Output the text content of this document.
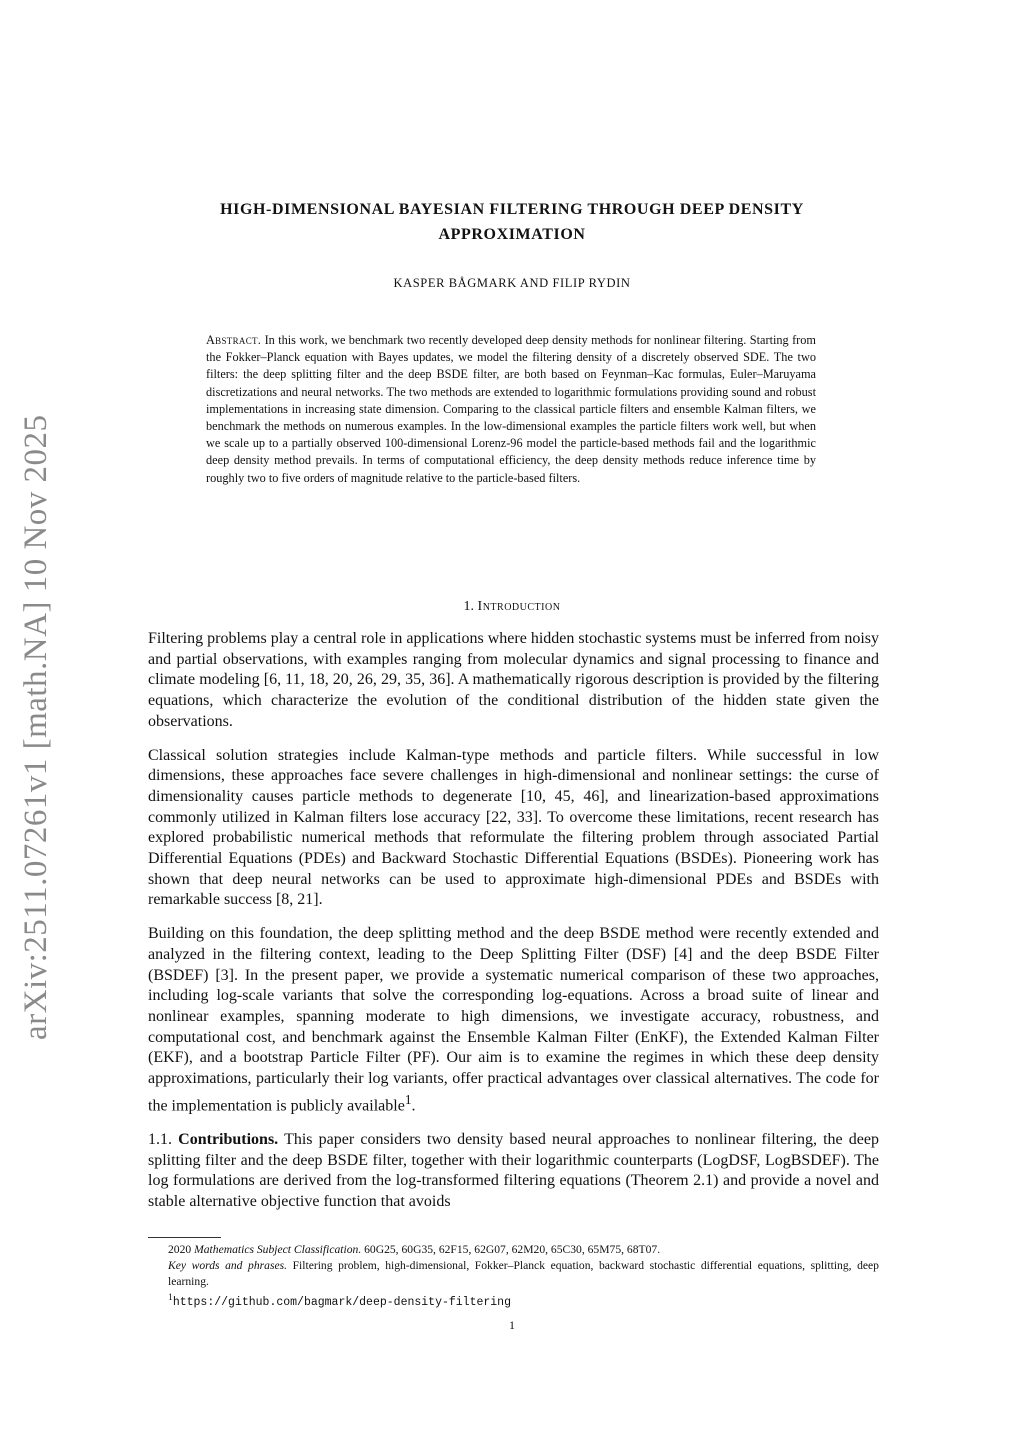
arXiv:2511.07261v1 [math.NA] 10 Nov 2025
HIGH-DIMENSIONAL BAYESIAN FILTERING THROUGH DEEP DENSITY APPROXIMATION
KASPER BÅGMARK AND FILIP RYDIN
Abstract. In this work, we benchmark two recently developed deep density methods for nonlinear filtering. Starting from the Fokker–Planck equation with Bayes updates, we model the filtering density of a discretely observed SDE. The two filters: the deep splitting filter and the deep BSDE filter, are both based on Feynman–Kac formulas, Euler–Maruyama discretizations and neural networks. The two methods are extended to logarithmic formulations providing sound and robust implementations in increasing state dimension. Comparing to the classical particle filters and ensemble Kalman filters, we benchmark the methods on numerous examples. In the low-dimensional examples the particle filters work well, but when we scale up to a partially observed 100-dimensional Lorenz-96 model the particle-based methods fail and the logarithmic deep density method prevails. In terms of computational efficiency, the deep density methods reduce inference time by roughly two to five orders of magnitude relative to the particle-based filters.
1. Introduction

Filtering problems play a central role in applications where hidden stochastic systems must be inferred from noisy and partial observations, with examples ranging from molecular dynamics and signal processing to finance and climate modeling [6, 11, 18, 20, 26, 29, 35, 36]. A mathematically rigorous description is provided by the filtering equations, which characterize the evolution of the conditional distribution of the hidden state given the observations.

Classical solution strategies include Kalman-type methods and particle filters. While successful in low dimensions, these approaches face severe challenges in high-dimensional and nonlinear settings: the curse of dimensionality causes particle methods to degenerate [10, 45, 46], and linearization-based approximations commonly utilized in Kalman filters lose accuracy [22, 33]. To overcome these limitations, recent research has explored probabilistic numerical methods that reformulate the filtering problem through associated Partial Differential Equations (PDEs) and Backward Stochastic Differential Equations (BSDEs). Pioneering work has shown that deep neural networks can be used to approximate high-dimensional PDEs and BSDEs with remarkable success [8, 21].

Building on this foundation, the deep splitting method and the deep BSDE method were recently extended and analyzed in the filtering context, leading to the Deep Splitting Filter (DSF) [4] and the deep BSDE Filter (BSDEF) [3]. In the present paper, we provide a systematic numerical comparison of these two approaches, including log-scale variants that solve the corresponding log-equations. Across a broad suite of linear and nonlinear examples, spanning moderate to high dimensions, we investigate accuracy, robustness, and computational cost, and benchmark against the Ensemble Kalman Filter (EnKF), the Extended Kalman Filter (EKF), and a bootstrap Particle Filter (PF). Our aim is to examine the regimes in which these deep density approximations, particularly their log variants, offer practical advantages over classical alternatives. The code for the implementation is publicly available$^1$.

1.1. Contributions. This paper considers two density based neural approaches to nonlinear filtering, the deep splitting filter and the deep BSDE filter, together with their logarithmic counterparts (LogDSF, LogBSDEF). The log formulations are derived from the log-transformed filtering equations (Theorem 2.1) and provide a novel and stable alternative objective function that avoids

2020 Mathematics Subject Classification. 60G25, 60G35, 62F15, 62G07, 62M20, 65C30, 65M75, 68T07.

Key words and phrases. Filtering problem, high-dimensional, Fokker–Planck equation, backward stochastic differential equations, splitting, deep learning.

$^1$https://github.com/bagmark/deep-density-filtering

1
